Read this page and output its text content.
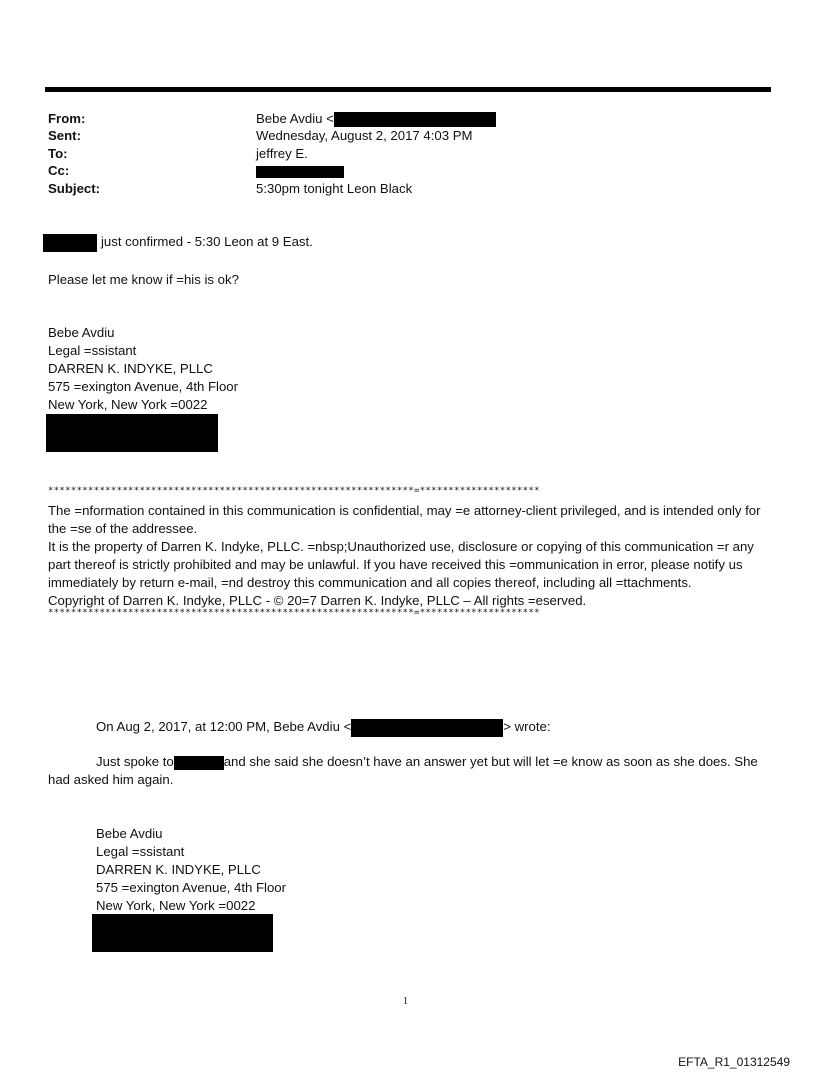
From:	Bebe Avdiu <
Sent:	Wednesday, August 2, 2017 4:03 PM
To:	jeffrey E.
Cc:
Subject:	5:30pm tonight Leon Black
just confirmed - 5:30 Leon at 9 East.
Please let me know if =his is ok?
Bebe Avdiu
Legal =ssistant
DARREN K. INDYKE, PLLC
575 =exington Avenue, 4th Floor
New York, New York =0022
****************************************************************=*********************
The =nformation contained in this communication is confidential, may =e attorney-client privileged, and is intended only for the =se of the addressee.
It is the property of Darren K. Indyke, PLLC. =nbsp;Unauthorized use, disclosure or copying of this communication =r any part thereof is strictly prohibited and may be unlawful. If you have received this =ommunication in error, please notify us immediately by return e-mail, =nd destroy this communication and all copies thereof, including all =ttachments.
Copyright of Darren K. Indyke, PLLC - © 20=7 Darren K. Indyke, PLLC – All rights =eserved.
****************************************************************=*********************
On Aug 2, 2017, at 12:00 PM, Bebe Avdiu <	> wrote:
Just spoke to	and she said she doesn’t have an answer yet but will let =e know as soon as she does. She
had asked him again.
Bebe Avdiu
Legal =ssistant
DARREN K. INDYKE, PLLC
575 =exington Avenue, 4th Floor
New York, New York =0022
1
EFTA_R1_01312549
